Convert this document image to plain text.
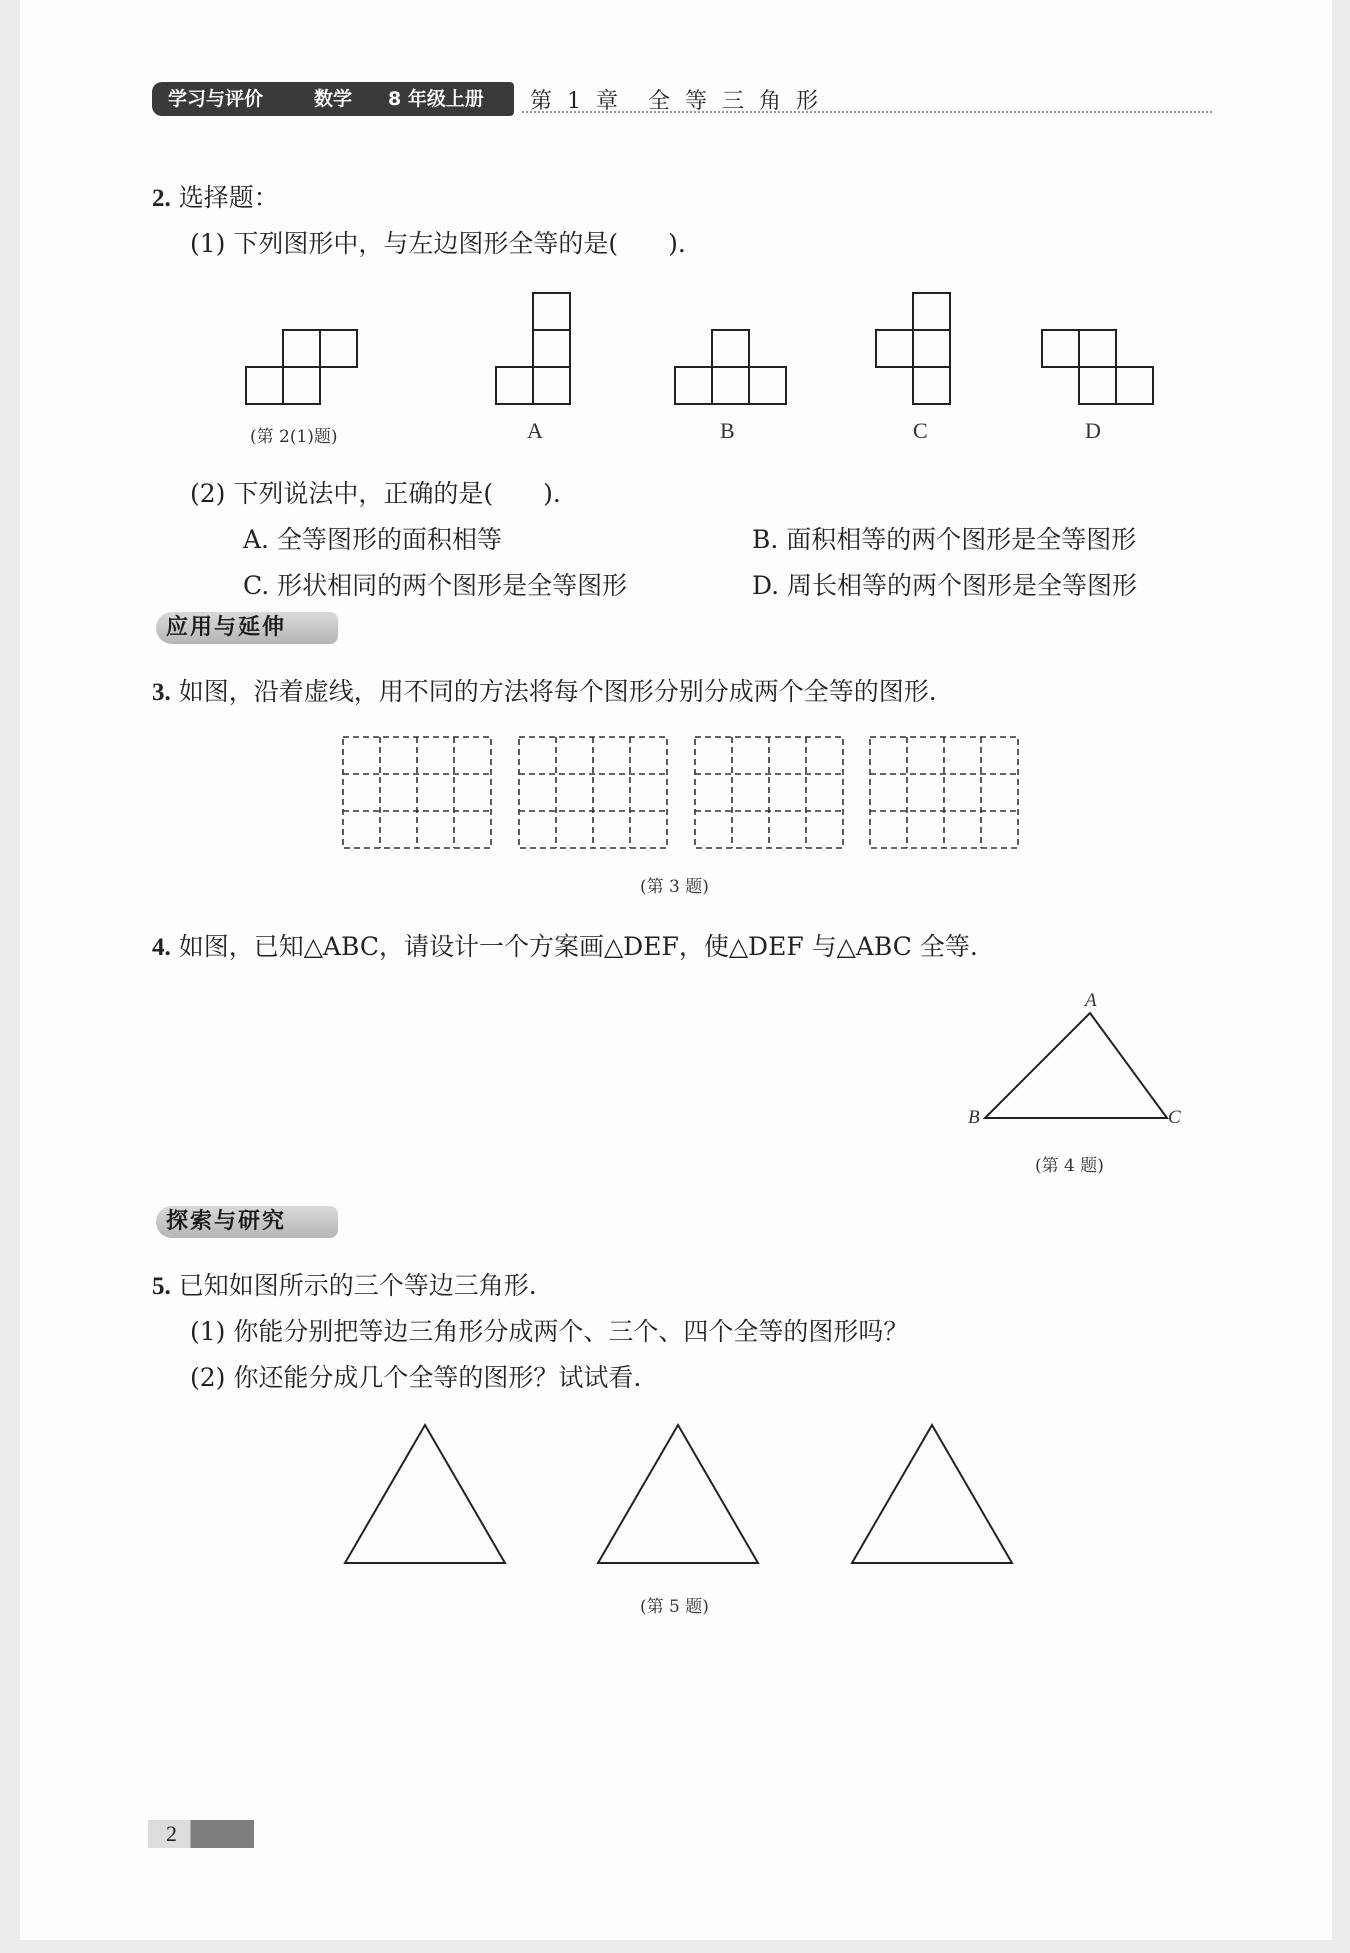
学习与评价	数学 8 年级上册 第 1 章　全 等 三 角 形
2. 选择题：
(1) 下列图形中，与左边图形全等的是(　　).
(第 2(1)题)	A	B	C	D
(2) 下列说法中，正确的是(　　).
A. 全等图形的面积相等	B. 面积相等的两个图形是全等图形
C. 形状相同的两个图形是全等图形	D. 周长相等的两个图形是全等图形
应用与延伸
3. 如图，沿着虚线，用不同的方法将每个图形分别分成两个全等的图形.
(第 3 题)
4. 如图，已知△ABC，请设计一个方案画△DEF，使△DEF 与△ABC 全等.
A
B	C
(第 4 题)
探索与研究
5. 已知如图所示的三个等边三角形.
(1) 你能分别把等边三角形分成两个、三个、四个全等的图形吗？
(2) 你还能分成几个全等的图形？试试看.
(第 5 题)
2
